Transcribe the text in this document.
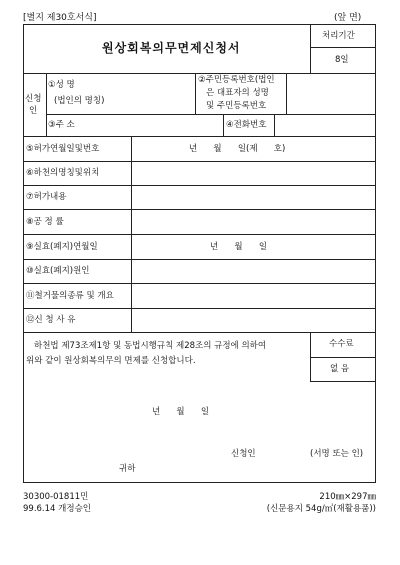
[별지 제30호서식]	(앞 면)
원상회복의무면제신청서
처리기간
8일
신청
인
①성 명
(법인의 명칭)
②주민등록번호(법인
은 대표자의 성명
및 주민등록번호
③주 소	④전화번호
⑤허가연월일및번호	년      월      일(제      호)
⑥하천의명칭및위치
⑦허가내용
⑧공 정 률
⑨실효(폐지)연월일	년      월      일
⑩실효(폐지)원인
⑪철거물의종류 및 개요
⑫신 청 사 유
하천법 제73조제1항 및 동법시행규칙 제28조의 규정에 의하여
위와 같이 원상회복의무의 면제를 신청합니다.
수수료
없 음
년      월      일
신청인	(서명 또는 인)
귀하
30300-01811민
99.6.14 개정승인
210㎜×297㎜
(신문용지 54g/㎡(재활용품))
